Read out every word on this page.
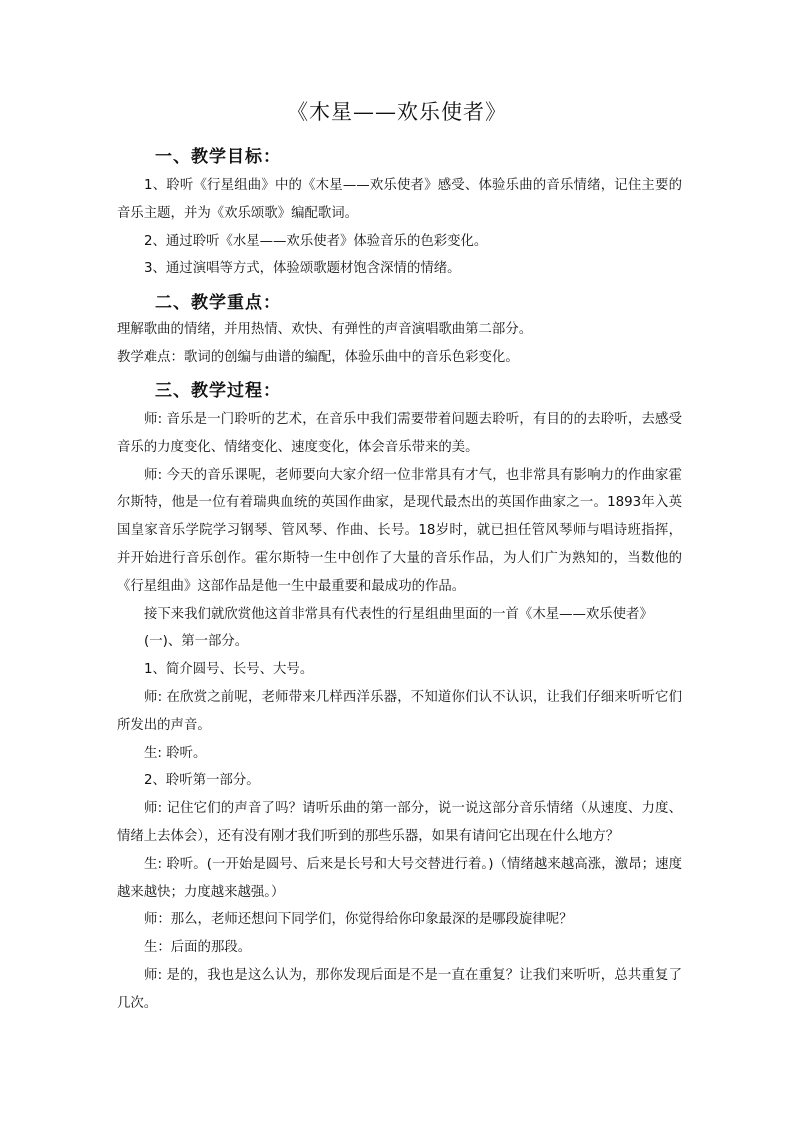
《木星——欢乐使者》
一、教学目标：

1、聆听《行星组曲》中的《木星——欢乐使者》感受、体验乐曲的音乐情绪，记住主要的音乐主题，并为《欢乐颂歌》编配歌词。

2、通过聆听《水星——欢乐使者》体验音乐的色彩变化。

3、通过演唱等方式，体验颂歌题材饱含深情的情绪。

二、教学重点：

理解歌曲的情绪，并用热情、欢快、有弹性的声音演唱歌曲第二部分。

教学难点：歌词的创编与曲谱的编配，体验乐曲中的音乐色彩变化。

三、教学过程：

师: 音乐是一门聆听的艺术，在音乐中我们需要带着问题去聆听，有目的的去聆听，去感受音乐的力度变化、情绪变化、速度变化，体会音乐带来的美。

师: 今天的音乐课呢，老师要向大家介绍一位非常具有才气，也非常具有影响力的作曲家霍尔斯特，他是一位有着瑞典血统的英国作曲家，是现代最杰出的英国作曲家之一。1893年入英国皇家音乐学院学习钢琴、管风琴、作曲、长号。18岁时，就已担任管风琴师与唱诗班指挥，并开始进行音乐创作。霍尔斯特一生中创作了大量的音乐作品，为人们广为熟知的，当数他的《行星组曲》这部作品是他一生中最重要和最成功的作品。

接下来我们就欣赏他这首非常具有代表性的行星组曲里面的一首《木星——欢乐使者》

(一)、第一部分。

1、简介圆号、长号、大号。

师: 在欣赏之前呢，老师带来几样西洋乐器，不知道你们认不认识，让我们仔细来听听它们所发出的声音。

生: 聆听。

2、聆听第一部分。

师: 记住它们的声音了吗？请听乐曲的第一部分，说一说这部分音乐情绪（从速度、力度、情绪上去体会），还有没有刚才我们听到的那些乐器，如果有请问它出现在什么地方？

生: 聆听。(一开始是圆号、后来是长号和大号交替进行着。)（情绪越来越高涨，激昂；速度越来越快；力度越来越强。）

师：那么，老师还想问下同学们，你觉得给你印象最深的是哪段旋律呢？

生：后面的那段。

师: 是的，我也是这么认为，那你发现后面是不是一直在重复？让我们来听听，总共重复了几次。
